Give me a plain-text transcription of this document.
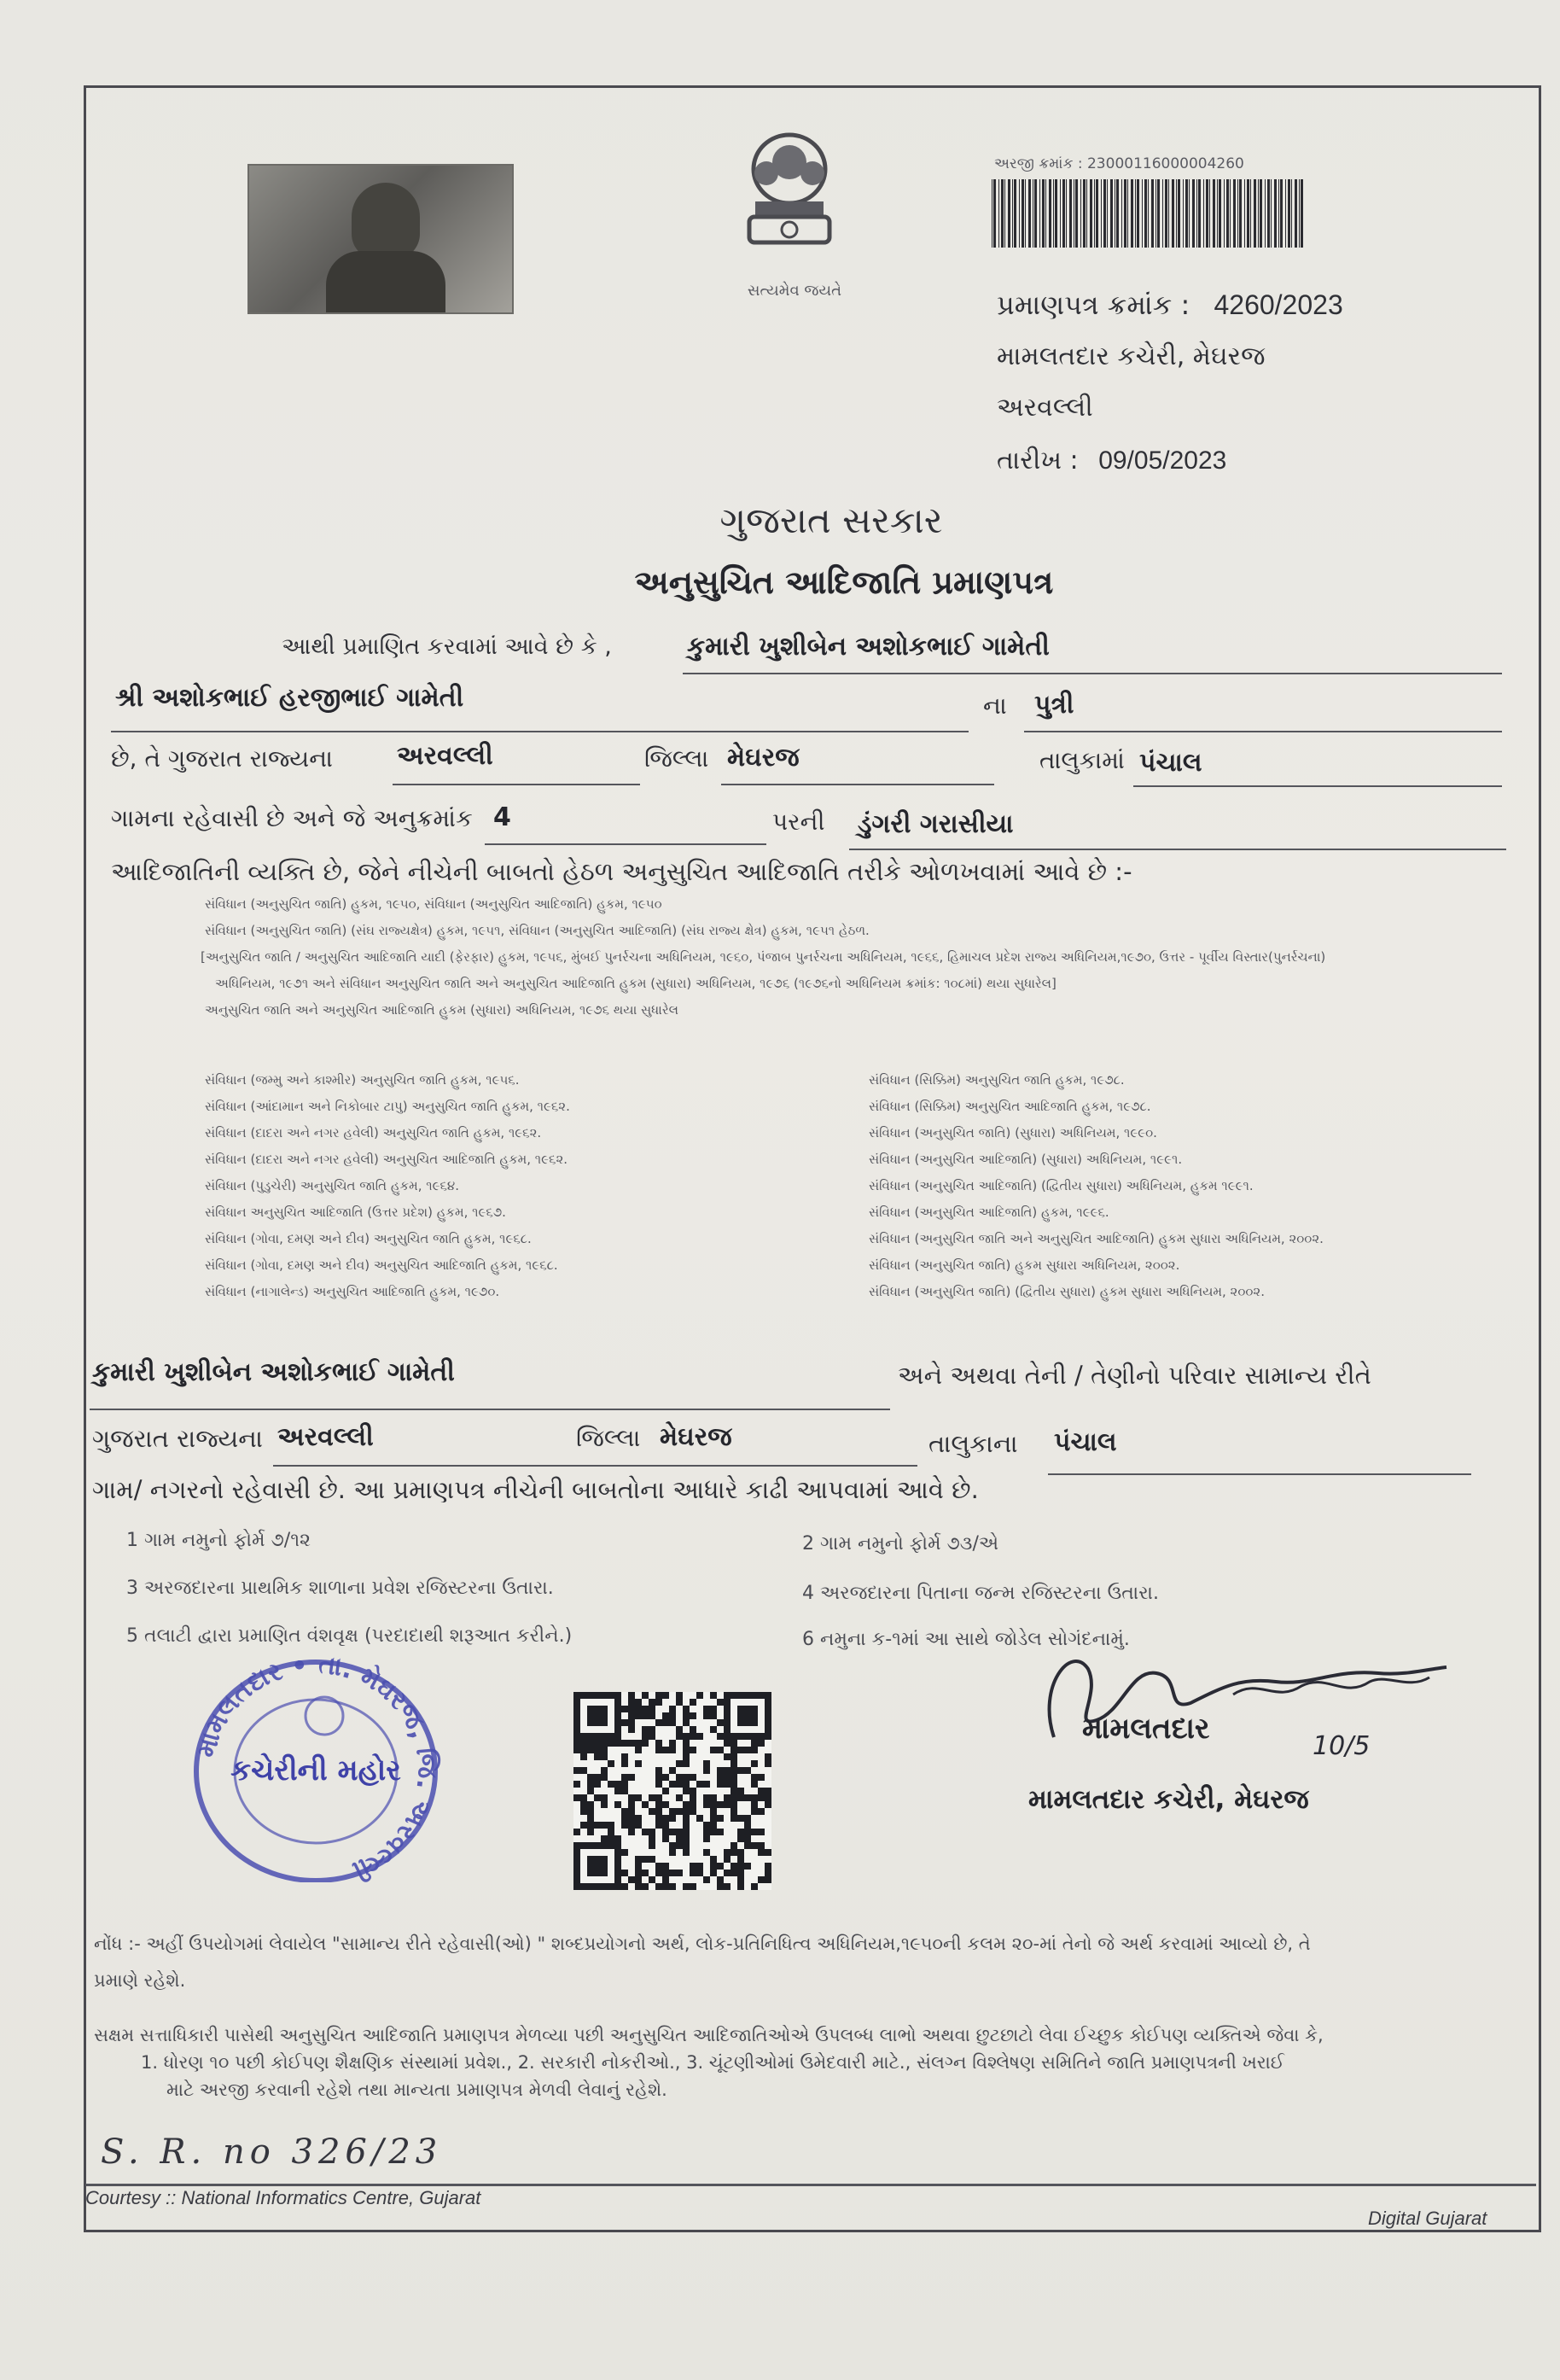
સત્યમેવ જયતે
અરજી ક્રમાંક : 23000116000004260
પ્રમાણપત્ર ક્રમાંક : 4260/2023
મામલતદાર કચેરી, મેઘરજ
અરવલ્લી
તારીખ : 09/05/2023
ગુજરાત સરકાર
અનુસુચિત આદિજાતિ પ્રમાણપત્ર
આથી પ્રમાણિત કરવામાં આવે છે કે ,	કુમારી ખુશીબેન અશોકભાઈ ગામેતી
શ્રી અશોકભાઈ હરજીભાઈ ગામેતી	ના પુત્રી
છે, તે ગુજરાત રાજ્યના	અરવલ્લી	જિલ્લા મેઘરજ	તાલુકામાં પંચાલ
ગામના રહેવાસી છે અને જે અનુક્રમાંક 4	પરની ડુંગરી ગરાસીયા
આદિજાતિની વ્યક્તિ છે, જેને નીચેની બાબતો હેઠળ અનુસુચિત આદિજાતિ તરીકે ઓળખવામાં આવે છે :-
સંવિધાન (અનુસુચિત જાતિ) હુકમ, ૧૯૫૦, સંવિધાન (અનુસુચિત આદિજાતિ) હુકમ, ૧૯૫૦
સંવિધાન (અનુસુચિત જાતિ) (સંઘ રાજ્યક્ષેત્ર) હુકમ, ૧૯૫૧, સંવિધાન (અનુસુચિત આદિજાતિ) (સંઘ રાજ્ય ક્ષેત્ર) હુકમ, ૧૯૫૧ હેઠળ.
[અનુસુચિત જાતિ / અનુસુચિત આદિજાતિ યાદી (ફેરફાર) હુકમ, ૧૯૫૬, મુંબઈ પુનર્રચના અધિનિયમ, ૧૯૬૦, પંજાબ પુનર્રચના અધિનિયમ, ૧૯૬૬, હિમાચલ પ્રદેશ રાજ્ય અધિનિયમ,૧૯૭૦, ઉત્તર - પૂર્વીય વિસ્તાર(પુનર્રચના)
અધિનિયમ, ૧૯૭૧ અને સંવિધાન અનુસુચિત જાતિ અને અનુસુચિત આદિજાતિ હુકમ (સુધારા) અધિનિયમ, ૧૯૭૬ (૧૯૭૬નો અધિનિયમ ક્રમાંક: ૧૦૮માં) થયા સુધારેલ]
અનુસુચિત જાતિ અને અનુસુચિત આદિજાતિ હુકમ (સુધારા) અધિનિયમ, ૧૯૭૬ થયા સુધારેલ
સંવિધાન (જમ્મુ અને કાશ્મીર) અનુસુચિત જાતિ હુકમ, ૧૯૫૬.
સંવિધાન (આંદામાન અને નિકોબાર ટાપુ) અનુસુચિત જાતિ હુકમ, ૧૯૬૨.
સંવિધાન (દાદરા અને નગર હવેલી) અનુસુચિત જાતિ હુકમ, ૧૯૬૨.
સંવિધાન (દાદરા અને નગર હવેલી) અનુસુચિત આદિજાતિ હુકમ, ૧૯૬૨.
સંવિધાન (પુડુચેરી) અનુસુચિત જાતિ હુકમ, ૧૯૬૪.
સંવિધાન અનુસુચિત આદિજાતિ (ઉત્તર પ્રદેશ) હુકમ, ૧૯૬૭.
સંવિધાન (ગોવા, દમણ અને દીવ) અનુસુચિત જાતિ હુકમ, ૧૯૬૮.
સંવિધાન (ગોવા, દમણ અને દીવ) અનુસુચિત આદિજાતિ હુકમ, ૧૯૬૮.
સંવિધાન (નાગાલેન્ડ) અનુસુચિત આદિજાતિ હુકમ, ૧૯૭૦.
સંવિધાન (સિક્કિમ) અનુસુચિત જાતિ હુકમ, ૧૯૭૮.
સંવિધાન (સિક્કિમ) અનુસુચિત આદિજાતિ હુકમ, ૧૯૭૮.
સંવિધાન (અનુસુચિત જાતિ) (સુધારા) અધિનિયમ, ૧૯૯૦.
સંવિધાન (અનુસુચિત આદિજાતિ) (સુધારા) અધિનિયમ, ૧૯૯૧.
સંવિધાન (અનુસુચિત આદિજાતિ) (દ્વિતીય સુધારા) અધિનિયમ, હુકમ ૧૯૯૧.
સંવિધાન (અનુસુચિત આદિજાતિ) હુકમ, ૧૯૯૬.
સંવિધાન (અનુસુચિત જાતિ અને અનુસુચિત આદિજાતિ) હુકમ સુધારા અધિનિયમ, ૨૦૦૨.
સંવિધાન (અનુસુચિત જાતિ) હુકમ સુધારા અધિનિયમ, ૨૦૦૨.
સંવિધાન (અનુસુચિત જાતિ) (દ્વિતીય સુધારા) હુકમ સુધારા અધિનિયમ, ૨૦૦૨.
કુમારી ખુશીબેન અશોકભાઈ ગામેતી	અને અથવા તેની / તેણીનો પરિવાર સામાન્ય રીતે
ગુજરાત રાજ્યના અરવલ્લી	જિલ્લા મેઘરજ	તાલુકાના પંચાલ
ગામ/ નગરનો રહેવાસી છે. આ પ્રમાણપત્ર નીચેની બાબતોના આધારે કાઢી આપવામાં આવે છે.
1 ગામ નમુનો ફોર્મ ૭/૧૨	2 ગામ નમુનો ફોર્મ ૭૩/એ
3 અરજદારના પ્રાથમિક શાળાના પ્રવેશ રજિસ્ટરના ઉતારા.	4 અરજદારના પિતાના જન્મ રજિસ્ટરના ઉતારા.
5 તલાટી દ્વારા પ્રમાણિત વંશવૃક્ષ (પરદાદાથી શરૂઆત કરીને.)	6 નમુના ક-૧માં આ સાથે જોડેલ સોગંદનામું.
મામલતદાર • તા. મેઘરજ, જિ. અરવલ્લી
કચેરીની મહોર
મામલતદાર
10/5
મામલતદાર કચેરી, મેઘરજ
નોંધ :- અહીં ઉપયોગમાં લેવાયેલ "સામાન્ય રીતે રહેવાસી(ઓ) " શબ્દપ્રયોગનો અર્થ, લોક-પ્રતિનિધિત્વ અધિનિયમ,૧૯૫૦ની કલમ ૨૦-માં તેનો જે અર્થ કરવામાં આવ્યો છે, તે
પ્રમાણે રહેશે.
સક્ષમ સત્તાધિકારી પાસેથી અનુસુચિત આદિજાતિ પ્રમાણપત્ર મેળવ્યા પછી અનુસુચિત આદિજાતિઓએ ઉપલબ્ધ લાભો અથવા છુટછાટો લેવા ઈચ્છુક કોઈપણ વ્યક્તિએ જેવા કે,
1. ધોરણ ૧૦ પછી કોઈપણ શૈક્ષણિક સંસ્થામાં પ્રવેશ., 2. સરકારી નોકરીઓ., 3. ચૂંટણીઓમાં ઉમેદવારી માટે., સંલગ્ન વિશ્લેષણ સમિતિને જાતિ પ્રમાણપત્રની ખરાઈ
માટે અરજી કરવાની રહેશે તથા માન્યતા પ્રમાણપત્ર મેળવી લેવાનું રહેશે.
S. R. no 326/23
Courtesy :: National Informatics Centre, Gujarat
Digital Gujarat
